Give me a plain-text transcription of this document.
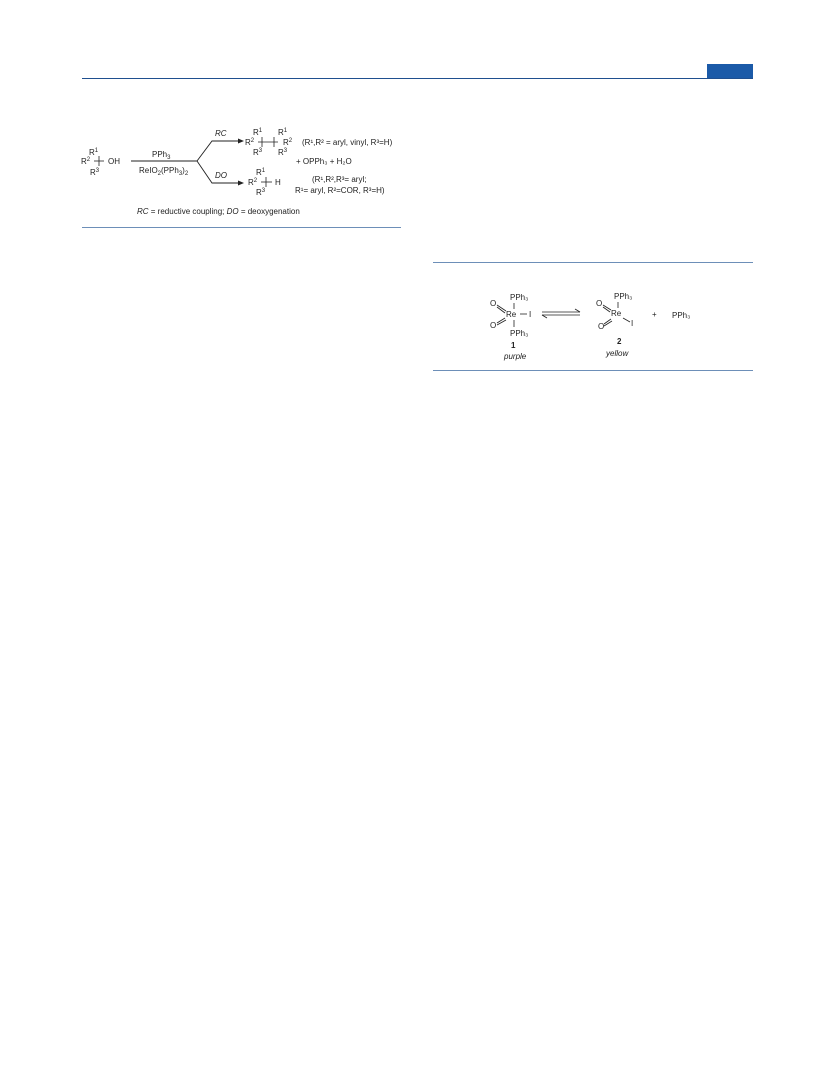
$R^1$
$R^2$ OH
$R^3$
PPh$_3$
$ReIO_2(PPh_3)_2$
RC
DO
$R^1$ $R^1$
$R^2$	$R^2$
$R^3$ $R^3$
(R¹,R² = aryl, vinyl, R³=H)
+ OPPh₃ + H₂O
$R^1$
$R^2$ H
$R^3$
(R¹,R²,R³= aryl;
R¹= aryl, R²=COR, R³=H)
RC = reductive coupling; DO = deoxygenation
PPh₃
O
Re I
O
PPh₃
1
purple
PPh₃
O
Re
I
O
2
yellow
+ PPh₃
